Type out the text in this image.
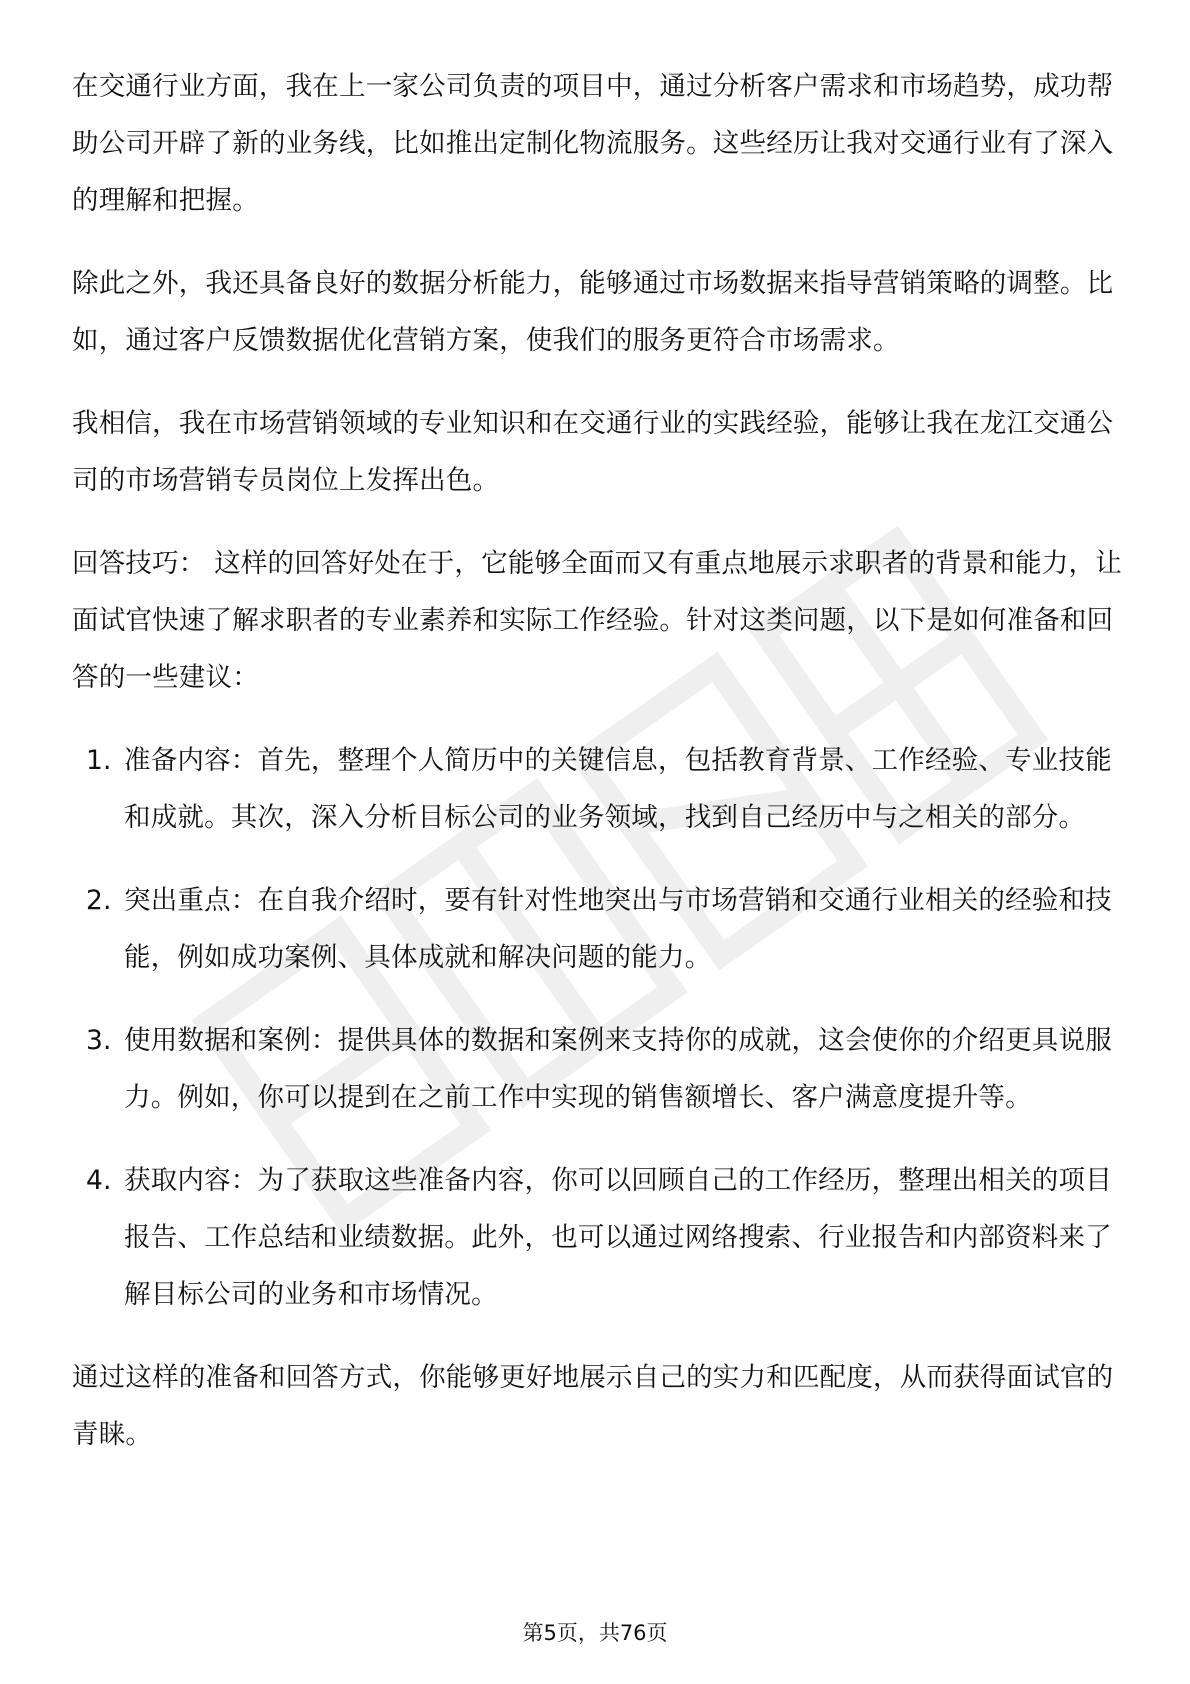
在交通行业方面，我在上一家公司负责的项目中，通过分析客户需求和市场趋势，成功帮助公司开辟了新的业务线，比如推出定制化物流服务。这些经历让我对交通行业有了深入的理解和把握。

除此之外，我还具备良好的数据分析能力，能够通过市场数据来指导营销策略的调整。比如，通过客户反馈数据优化营销方案，使我们的服务更符合市场需求。

我相信，我在市场营销领域的专业知识和在交通行业的实践经验，能够让我在龙江交通公司的市场营销专员岗位上发挥出色。

回答技巧： 这样的回答好处在于，它能够全面而又有重点地展示求职者的背景和能力，让面试官快速了解求职者的专业素养和实际工作经验。针对这类问题，以下是如何准备和回答的一些建议：

1. 准备内容：首先，整理个人简历中的关键信息，包括教育背景、工作经验、专业技能和成就。其次，深入分析目标公司的业务领域，找到自己经历中与之相关的部分。
2. 突出重点：在自我介绍时，要有针对性地突出与市场营销和交通行业相关的经验和技能，例如成功案例、具体成就和解决问题的能力。
3. 使用数据和案例：提供具体的数据和案例来支持你的成就，这会使你的介绍更具说服力。例如，你可以提到在之前工作中实现的销售额增长、客户满意度提升等。
4. 获取内容：为了获取这些准备内容，你可以回顾自己的工作经历，整理出相关的项目报告、工作总结和业绩数据。此外，也可以通过网络搜索、行业报告和内部资料来了解目标公司的业务和市场情况。

通过这样的准备和回答方式，你能够更好地展示自己的实力和匹配度，从而获得面试官的青睐。

第5页，共76页
